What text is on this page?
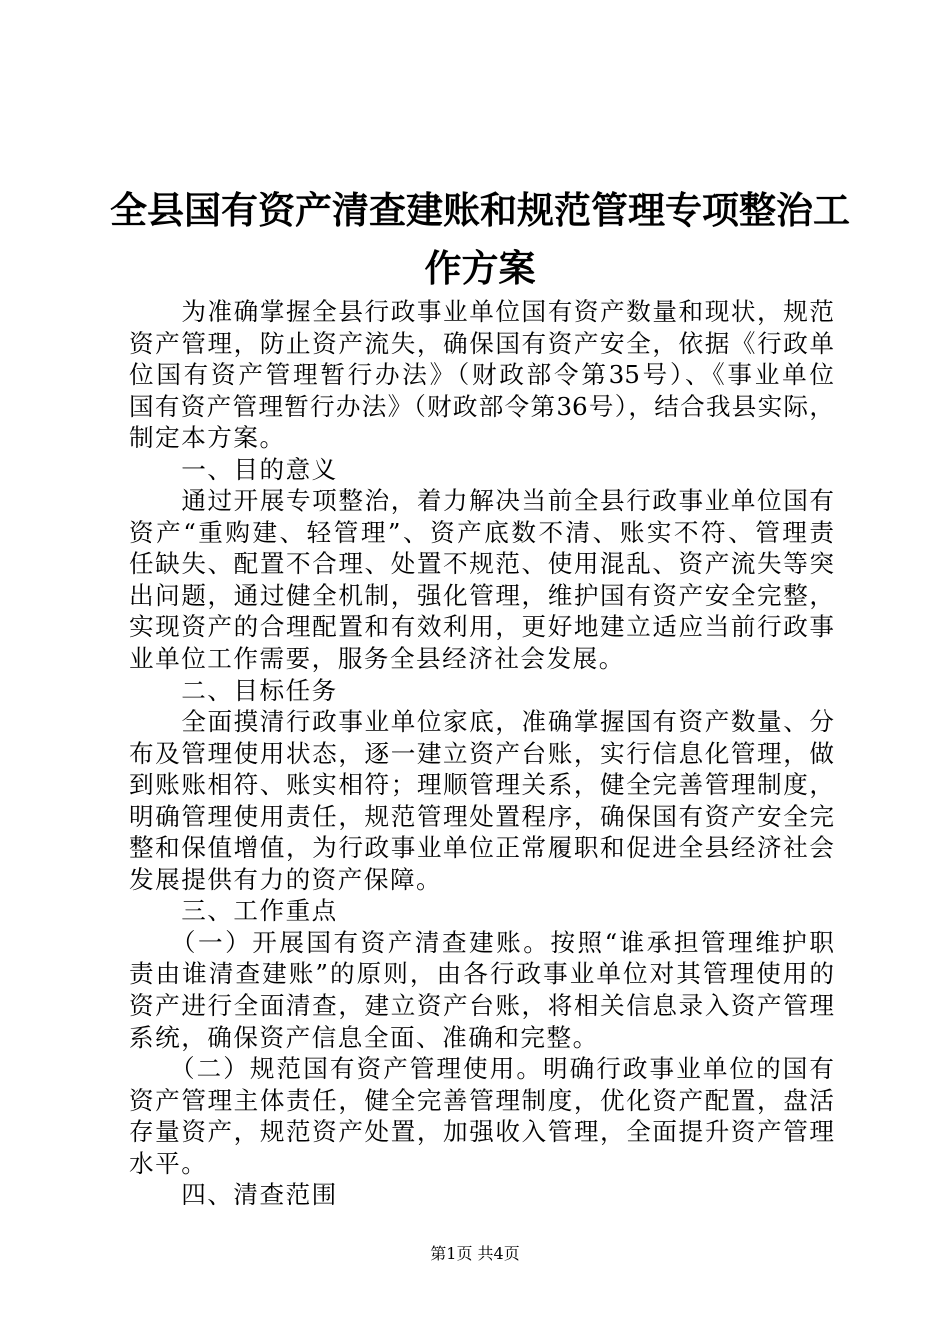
全县国有资产清查建账和规范管理专项整治工
作方案
　　为准确掌握全县行政事业单位国有资产数量和现状，规范
资产管理，防止资产流失，确保国有资产安全，依据《行政单
位国有资产管理暂行办法》（财政部令第35号）、《事业单位
国有资产管理暂行办法》（财政部令第36号），结合我县实际，
制定本方案。
　　一、目的意义
　　通过开展专项整治，着力解决当前全县行政事业单位国有
资产“重购建、轻管理”、资产底数不清、账实不符、管理责
任缺失、配置不合理、处置不规范、使用混乱、资产流失等突
出问题，通过健全机制，强化管理，维护国有资产安全完整，
实现资产的合理配置和有效利用，更好地建立适应当前行政事
业单位工作需要，服务全县经济社会发展。
　　二、目标任务
　　全面摸清行政事业单位家底，准确掌握国有资产数量、分
布及管理使用状态，逐一建立资产台账，实行信息化管理，做
到账账相符、账实相符；理顺管理关系，健全完善管理制度，
明确管理使用责任，规范管理处置程序，确保国有资产安全完
整和保值增值，为行政事业单位正常履职和促进全县经济社会
发展提供有力的资产保障。
　　三、工作重点
　　（一）开展国有资产清查建账。按照“谁承担管理维护职
责由谁清查建账”的原则，由各行政事业单位对其管理使用的
资产进行全面清查，建立资产台账，将相关信息录入资产管理
系统，确保资产信息全面、准确和完整。
　　（二）规范国有资产管理使用。明确行政事业单位的国有
资产管理主体责任，健全完善管理制度，优化资产配置，盘活
存量资产，规范资产处置，加强收入管理，全面提升资产管理
水平。
　　四、清查范围
第1页 共4页
